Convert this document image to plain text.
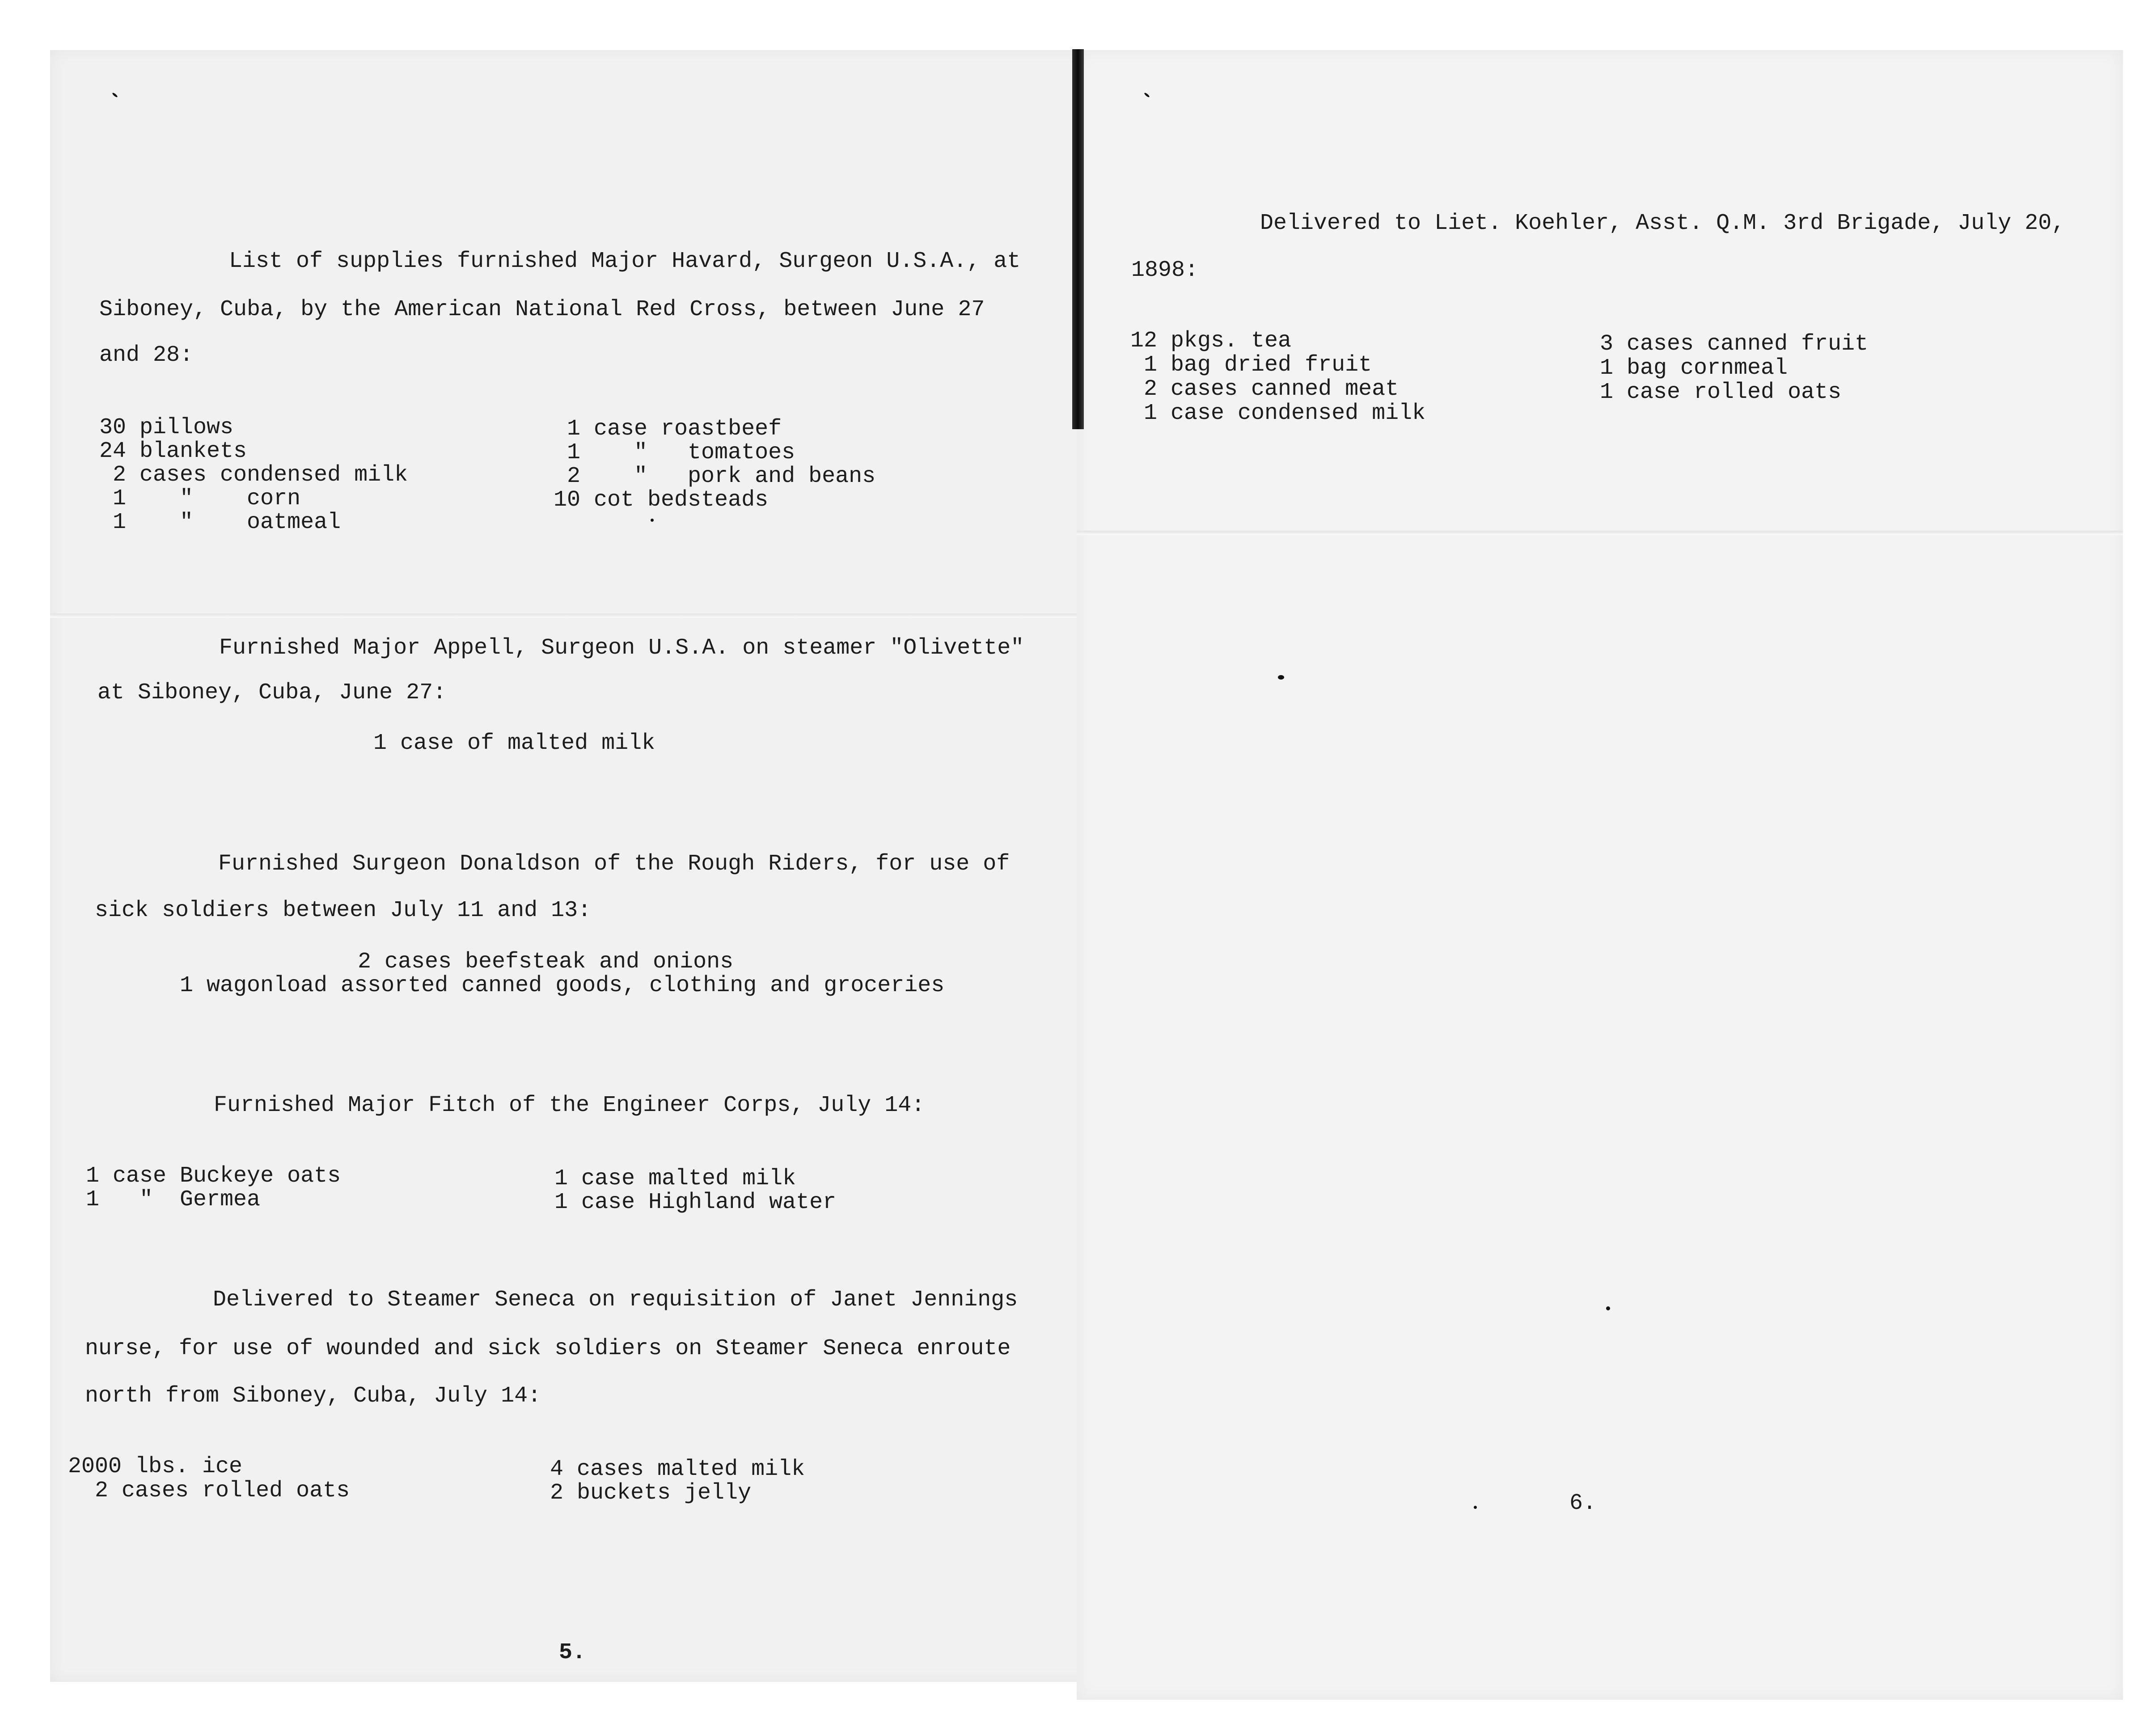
List of supplies furnished Major Havard, Surgeon U.S.A., at
Siboney, Cuba, by the American National Red Cross, between June 27
and 28:
30 pillows
24 blankets
2 cases condensed milk
1    "    corn
1    "    oatmeal
1 case roastbeef
1    "   tomatoes
2    "   pork and beans
10 cot bedsteads
Furnished Major Appell, Surgeon U.S.A. on steamer "Olivette"
at Siboney, Cuba, June 27:
1 case of malted milk
Furnished Surgeon Donaldson of the Rough Riders, for use of
sick soldiers between July 11 and 13:
2 cases beefsteak and onions
1 wagonload assorted canned goods, clothing and groceries
Furnished Major Fitch of the Engineer Corps, July 14:
1 case Buckeye oats
1   "  Germea
1 case malted milk
1 case Highland water
Delivered to Steamer Seneca on requisition of Janet Jennings
nurse, for use of wounded and sick soldiers on Steamer Seneca enroute
north from Siboney, Cuba, July 14:
2000 lbs. ice
2 cases rolled oats
4 cases malted milk
2 buckets jelly
5.
Delivered to Liet. Koehler, Asst. Q.M. 3rd Brigade, July 20,
1898:
12 pkgs. tea
1 bag dried fruit
2 cases canned meat
1 case condensed milk
3 cases canned fruit
1 bag cornmeal
1 case rolled oats
6.
